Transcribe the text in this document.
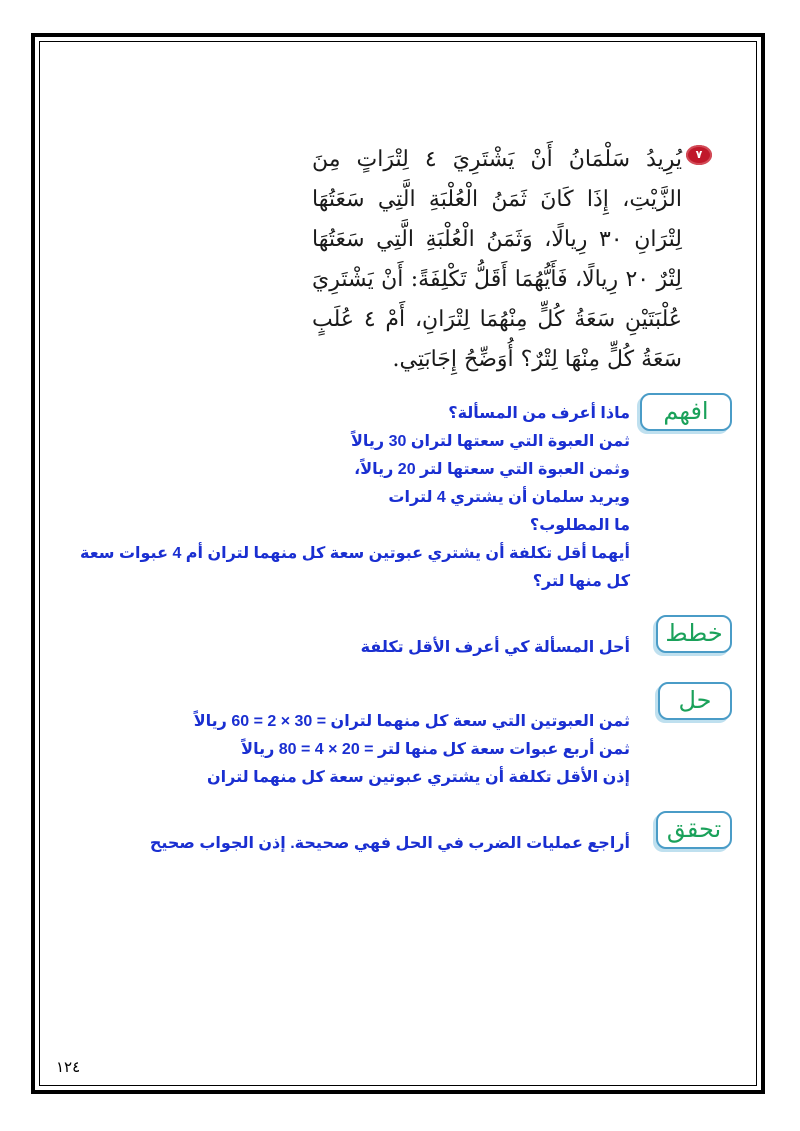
٧
يُرِيدُ سَلْمَانُ أَنْ يَشْتَرِيَ ٤ لِتْرَاتٍ مِنَ الزَّيْتِ، إِذَا كَانَ ثَمَنُ الْعُلْبَةِ الَّتِي سَعَتُهَا لِتْرَانِ ٣٠ رِيالًا، وَثَمَنُ الْعُلْبَةِ الَّتِي سَعَتُهَا لِتْرٌ ٢٠ رِيالًا، فَأَيُّهُمَا أَقَلُّ تَكْلِفَةً: أَنْ يَشْتَرِيَ عُلْبَتَيْنِ سَعَةُ كُلٍّ مِنْهُمَا لِتْرَانِ، أَمْ ٤ عُلَبٍ سَعَةُ كُلٍّ مِنْهَا لِتْرٌ؟ أُوَضِّحُ إِجَابَتِي.
افهم
ماذا أعرف من المسألة؟
ثمن العبوة التي سعتها لتران 30 ريالاً
وثمن العبوة التي سعتها لتر 20 ريالاً،
ويريد سلمان أن يشتري 4 لترات
ما المطلوب؟
أيهما أقل تكلفة أن يشتري عبوتين سعة كل منهما لتران أم 4 عبوات سعة
كل منها لتر؟
خطط
أحل المسألة كي أعرف الأقل تكلفة
حل
ثمن العبوتين التي سعة كل منهما لتران = 30 × 2 = 60 ريالاً
ثمن أربع عبوات سعة كل منها لتر = 20 × 4 = 80 ريالاً
إذن الأقل تكلفة أن يشتري عبوتين سعة كل منهما لتران
تحقق
أراجع عمليات الضرب في الحل فهي صحيحة. إذن الجواب صحيح
١٢٤
